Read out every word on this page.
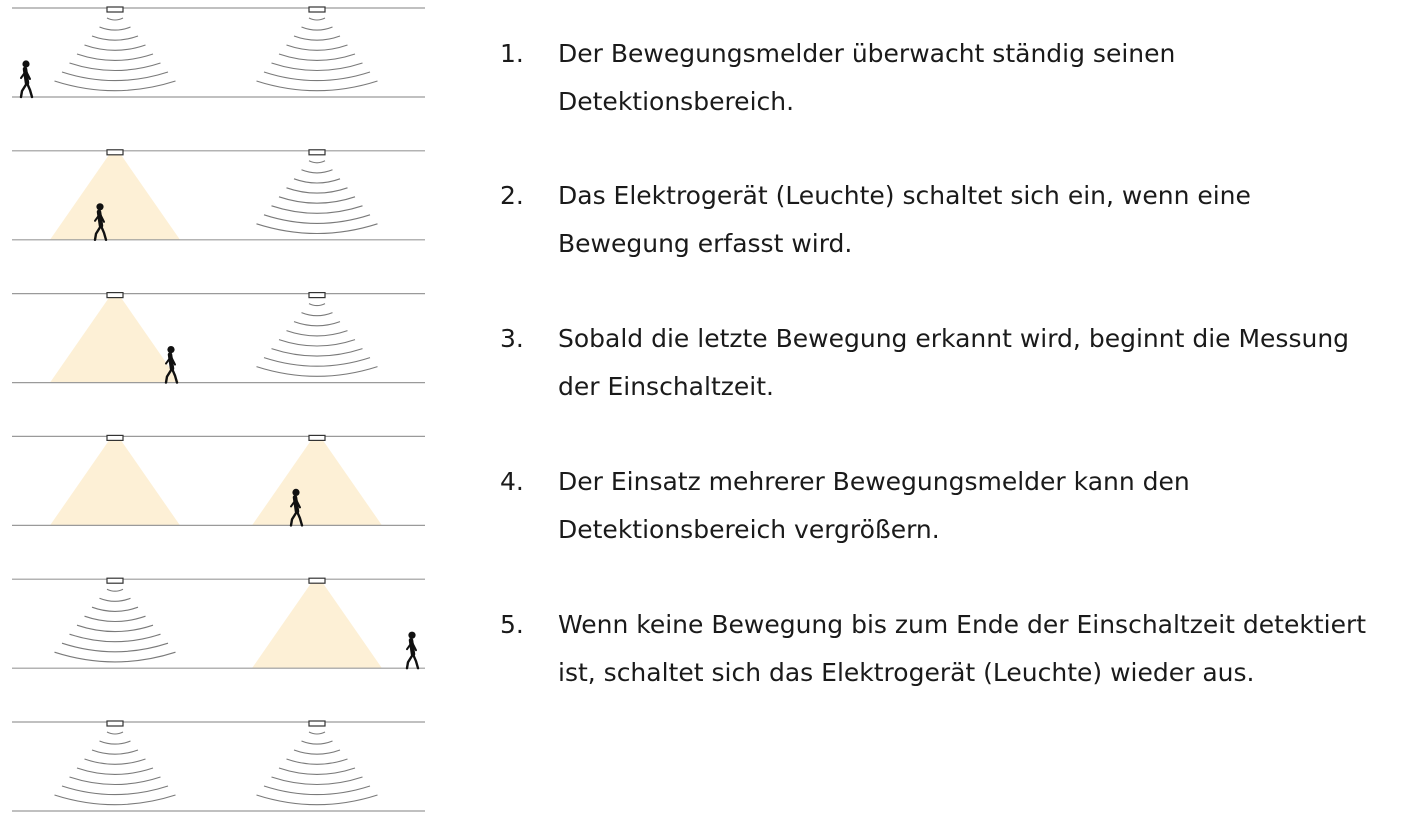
1.	Der Bewegungsmelder überwacht ständig seinen
Detektionsbereich.
2.	Das Elektrogerät (Leuchte) schaltet sich ein, wenn eine
Bewegung erfasst wird.
3.	Sobald die letzte Bewegung erkannt wird, beginnt die Messung
der Einschaltzeit.
4.	Der Einsatz mehrerer Bewegungsmelder kann den
Detektionsbereich vergrößern.
5.	Wenn keine Bewegung bis zum Ende der Einschaltzeit detektiert
ist, schaltet sich das Elektrogerät (Leuchte) wieder aus.
